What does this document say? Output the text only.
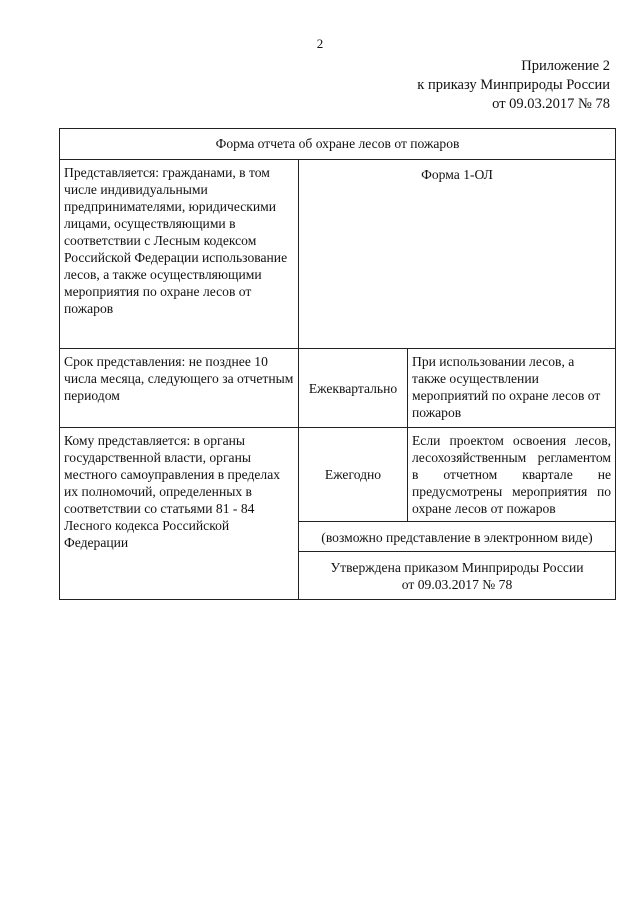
2
Приложение 2
к приказу Минприроды России
от 09.03.2017 № 78
Форма отчета об охране лесов от пожаров		
Представляется: гражданами, в том числе индивидуальными предпринимателями, юридическими лицами, осуществляющими в соответствии с Лесным кодексом Российской Федерации использование лесов, а также осуществляющими мероприятия по охране лесов от пожаров	Форма 1-ОЛ	
Срок представления: не позднее 10 числа месяца, следующего за отчетным периодом	Ежеквартально	При использовании лесов, а также осуществлении мероприятий по охране лесов от пожаров
Кому представляется: в органы государственной власти, органы местного самоуправления в пределах их полномочий, определенных в соответствии со статьями 81 - 84 Лесного кодекса Российской Федерации	Ежегодно	Если проектом освоения лесов, лесохозяйственным регламентом в отчетном квартале не предусмотрены мероприятия по охране лесов от пожаров
	(возможно представление в электронном виде)	

	Утверждена приказом Минприроды России
от 09.03.2017 № 78	
